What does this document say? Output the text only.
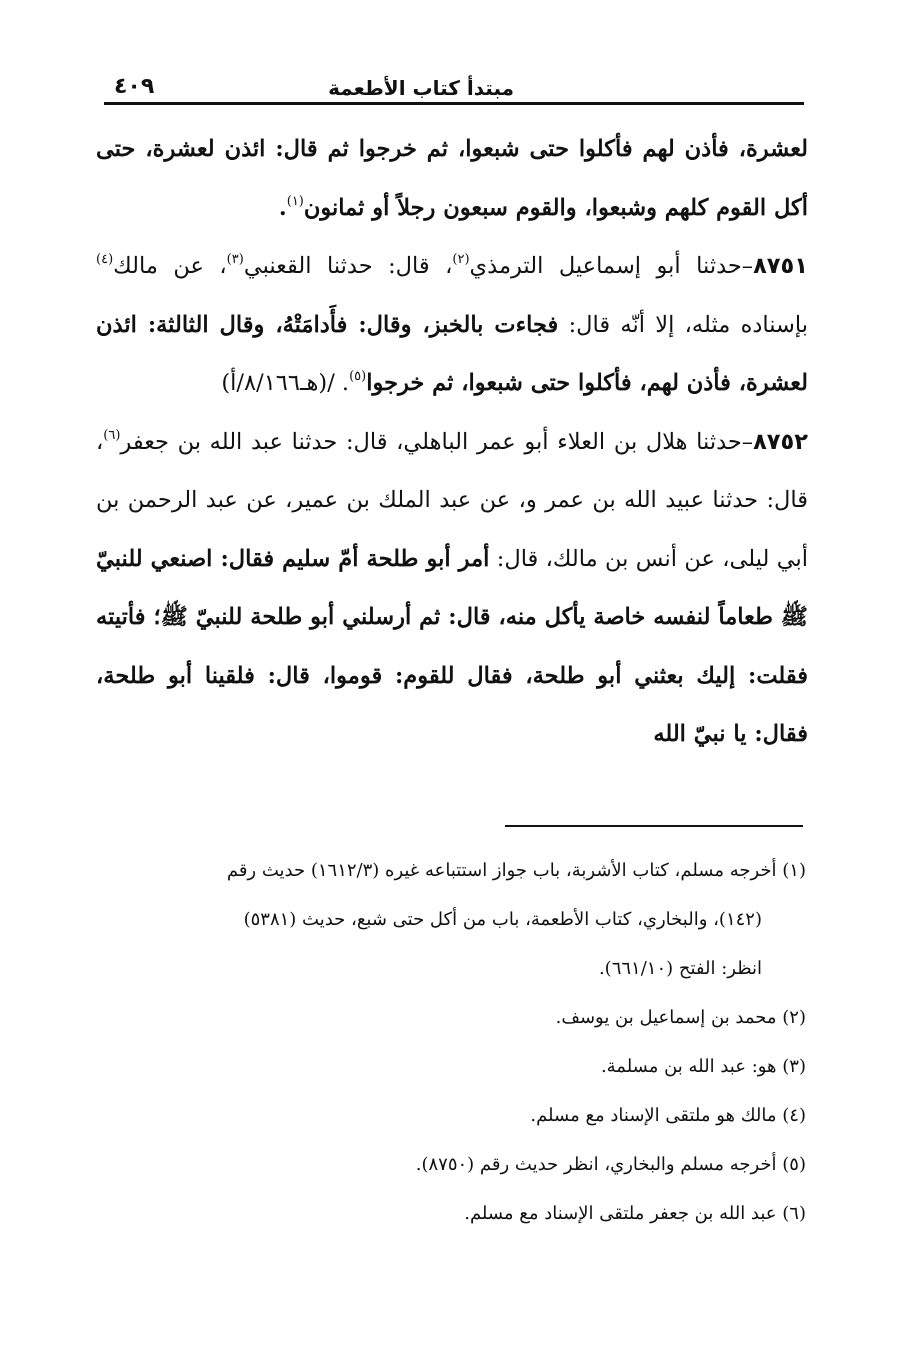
مبتدأ كتاب الأطعمة
٤٠٩

لعشرة، فأذن لهم فأكلوا حتى شبعوا، ثم خرجوا ثم قال: ائذن لعشرة، حتى أكل القوم كلهم وشبعوا، والقوم سبعون رجلاً أو ثمانون$^{(١)}$.

٨٧٥١–حدثنا أبو إسماعيل الترمذي$^{(٢)}$، قال: حدثنا القعنبي$^{(٣)}$، عن مالك$^{(٤)}$ بإسناده مثله، إلا أنّه قال: فجاءت بالخبز، وقال: فأَدامَتْهُ، وقال الثالثة: ائذن لعشرة، فأذن لهم، فأكلوا حتى شبعوا، ثم خرجوا$^{(٥)}$. /(هـ٨/١٦٦/أ)

٨٧٥٢–حدثنا هلال بن العلاء أبو عمر الباهلي، قال: حدثنا عبد الله بن جعفر$^{(٦)}$، قال: حدثنا عبيد الله بن عمر و، عن عبد الملك بن عمير، عن عبد الرحمن بن أبي ليلى، عن أنس بن مالك، قال: أمر أبو طلحة أمّ سليم فقال: اصنعي للنبيّ ﷺ طعاماً لنفسه خاصة يأكل منه، قال: ثم أرسلني أبو طلحة للنبيّ ﷺ؛ فأتيته فقلت: إليك بعثني أبو طلحة، فقال للقوم: قوموا، قال: فلقينا أبو طلحة، فقال: يا نبيّ الله

(١) أخرجه مسلم، كتاب الأشربة، باب جواز استتباعه غيره (١٦١٢/٣) حديث رقم

(١٤٢)، والبخاري، كتاب الأطعمة، باب من أكل حتى شبع، حديث (٥٣٨١)

انظر: الفتح (٦٦١/١٠).

(٢) محمد بن إسماعيل بن يوسف.

(٣) هو: عبد الله بن مسلمة.

(٤) مالك هو ملتقى الإسناد مع مسلم.

(٥) أخرجه مسلم والبخاري، انظر حديث رقم (٨٧٥٠).

(٦) عبد الله بن جعفر ملتقى الإسناد مع مسلم.
